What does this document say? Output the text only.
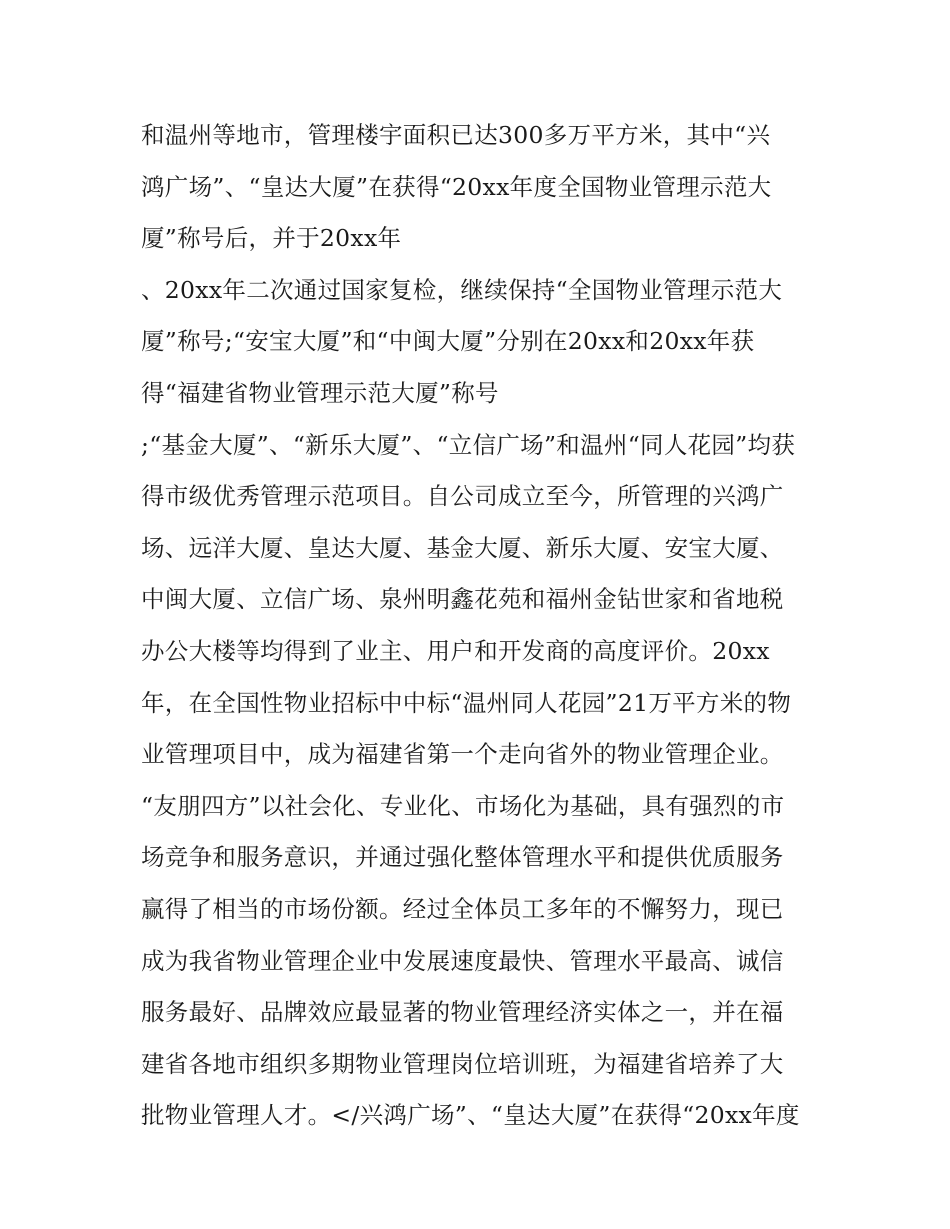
和温州等地市，管理楼宇面积已达300多万平方米，其中“兴
鸿广场”、“皇达大厦”在获得“20xx年度全国物业管理示范大
厦”称号后，并于20xx年
、20xx年二次通过国家复检，继续保持“全国物业管理示范大
厦”称号;“安宝大厦”和“中闽大厦”分别在20xx和20xx年获
得“福建省物业管理示范大厦”称号
;“基金大厦”、“新乐大厦”、“立信广场”和温州“同人花园”均获
得市级优秀管理示范项目。自公司成立至今，所管理的兴鸿广
场、远洋大厦、皇达大厦、基金大厦、新乐大厦、安宝大厦、
中闽大厦、立信广场、泉州明鑫花苑和福州金钻世家和省地税
办公大楼等均得到了业主、用户和开发商的高度评价。20xx
年，在全国性物业招标中中标“温州同人花园”21万平方米的物
业管理项目中，成为福建省第一个走向省外的物业管理企业。
“友朋四方”以社会化、专业化、市场化为基础，具有强烈的市
场竞争和服务意识，并通过强化整体管理水平和提供优质服务
赢得了相当的市场份额。经过全体员工多年的不懈努力，现已
成为我省物业管理企业中发展速度最快、管理水平最高、诚信
服务最好、品牌效应最显著的物业管理经济实体之一，并在福
建省各地市组织多期物业管理岗位培训班，为福建省培养了大
批物业管理人才。</兴鸿广场”、“皇达大厦”在获得“20xx年度
